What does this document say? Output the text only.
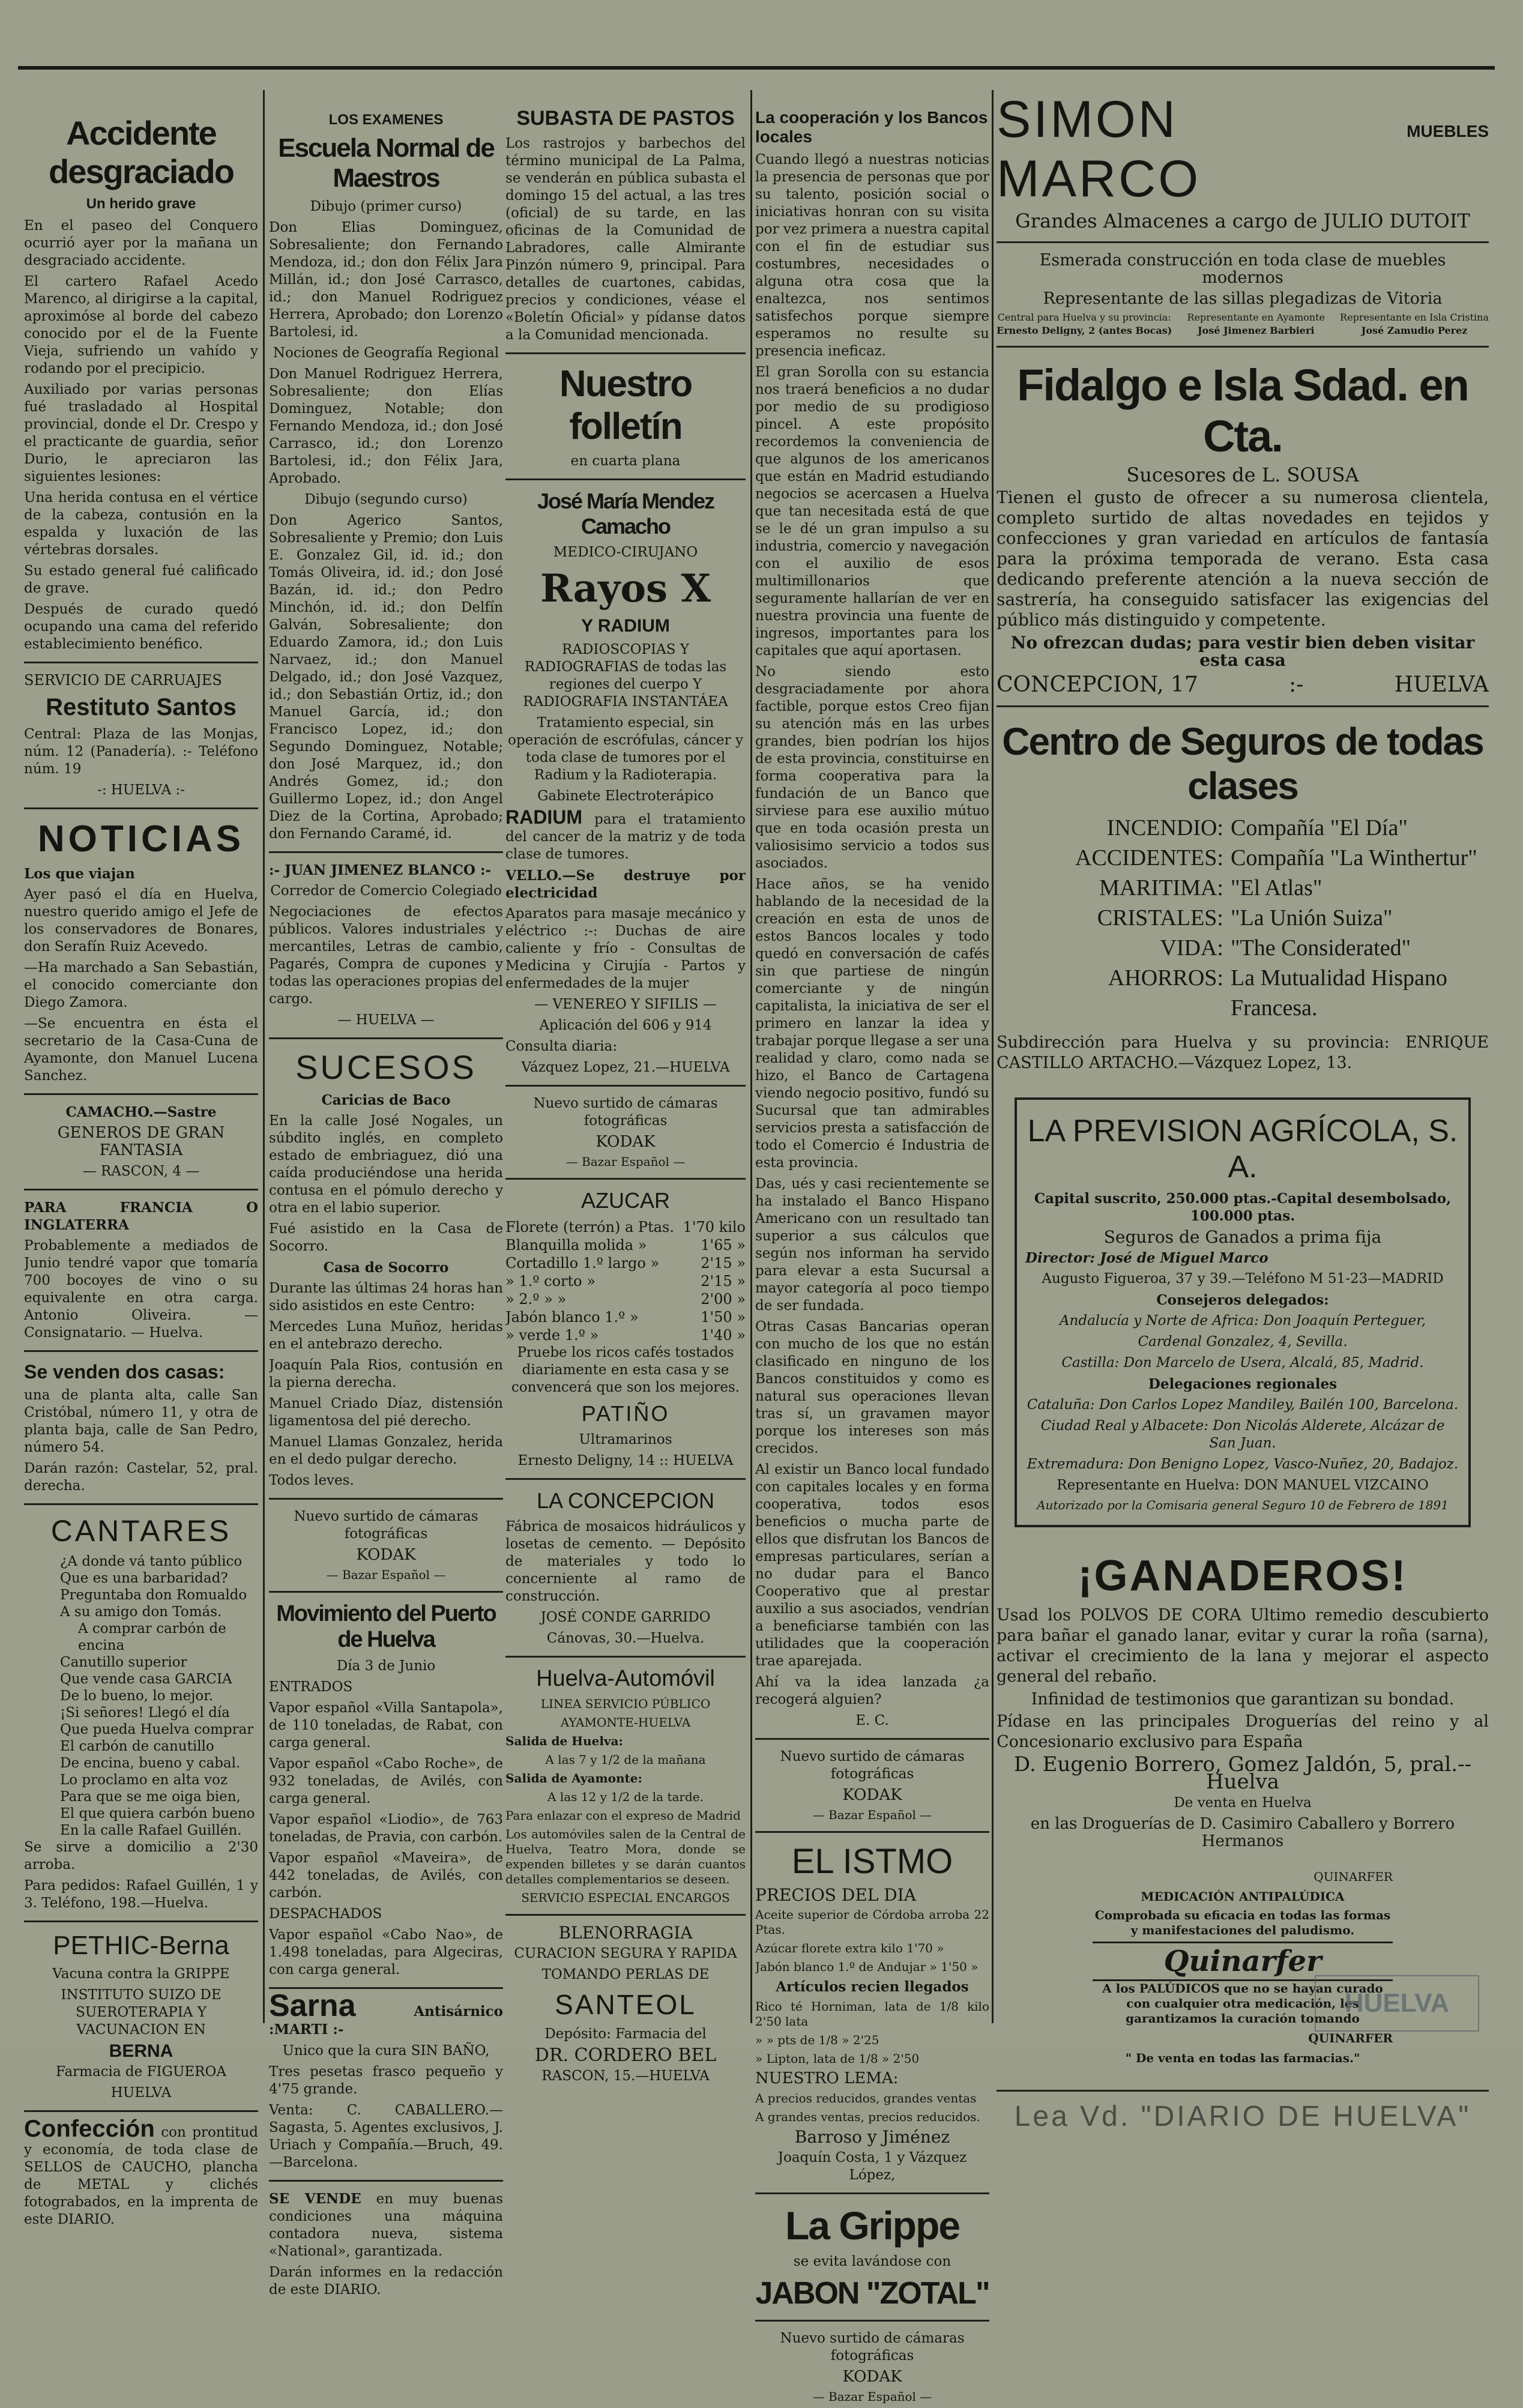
Accidente desgraciado
Un herido grave

En el paseo del Conquero ocurrió ayer por la mañana un desgraciado accidente.

El cartero Rafael Acedo Marenco, al dirigirse a la capital, aproximóse al borde del cabezo conocido por el de la Fuente Vieja, sufriendo un vahído y rodando por el precipicio.

Auxiliado por varias personas fué trasladado al Hospital provincial, donde el Dr. Crespo y el practicante de guardia, señor Durio, le apreciaron las siguientes lesiones:

Una herida contusa en el vértice de la cabeza, contusión en la espalda y luxación de las vértebras dorsales.

Su estado general fué calificado de grave.

Después de curado quedó ocupando una cama del referido establecimiento benéfico.

SERVICIO DE CARRUAJES

Restituto Santos

Central: Plaza de las Monjas, núm. 12 (Panadería). :- Teléfono núm. 19

-: HUELVA :-

NOTICIAS

Los que viajan

Ayer pasó el día en Huelva, nuestro querido amigo el Jefe de los conservadores de Bonares, don Serafín Ruiz Acevedo.

—Ha marchado a San Sebastián, el conocido comerciante don Diego Zamora.

—Se encuentra en ésta el secretario de la Casa-Cuna de Ayamonte, don Manuel Lucena Sanchez.

CAMACHO.—Sastre

GENEROS DE GRAN FANTASIA

— RASCON, 4 —

PARA FRANCIA O INGLATERRA

Probablemente a mediados de Junio tendré vapor que tomaría 700 bocoyes de vino o su equivalente en otra carga. Antonio Oliveira. — Consignatario. — Huelva.

Se venden dos casas:

una de planta alta, calle San Cristóbal, número 11, y otra de planta baja, calle de San Pedro, número 54.

Darán razón: Castelar, 52, pral. derecha.

CANTARES
¿A donde vá tanto público
Que es una barbaridad?
Preguntaba don Romualdo
A su amigo don Tomás.
A comprar carbón de encina
Canutillo superior
Que vende casa GARCIA
De lo bueno, lo mejor.
¡Si señores! Llegó el día
Que pueda Huelva comprar
El carbón de canutillo
De encina, bueno y cabal.
Lo proclamo en alta voz
Para que se me oiga bien,
El que quiera carbón bueno
En la calle Rafael Guillén.

Se sirve a domicilio a 2'30 arroba.

Para pedidos: Rafael Guillén, 1 y 3. Teléfono, 198.—Huelva.

PETHIC-Berna

Vacuna contra la GRIPPE

INSTITUTO SUIZO DE SUEROTERAPIA Y VACUNACION EN

BERNA

Farmacia de FIGUEROA

HUELVA

Confección con prontitud y economía, de toda clase de SELLOS de CAUCHO, plancha de METAL y clichés fotograbados, en la imprenta de este DIARIO.

LOS EXAMENES
Escuela Normal de Maestros

Dibujo (primer curso)

Don Elias Dominguez, Sobresaliente; don Fernando Mendoza, id.; don don Félix Jara Millán, id.; don José Carrasco, id.; don Manuel Rodriguez Herrera, Aprobado; don Lorenzo Bartolesi, id.

Nociones de Geografía Regional

Don Manuel Rodriguez Herrera, Sobresaliente; don Elías Dominguez, Notable; don Fernando Mendoza, id.; don José Carrasco, id.; don Lorenzo Bartolesi, id.; don Félix Jara, Aprobado.

Dibujo (segundo curso)

Don Agerico Santos, Sobresaliente y Premio; don Luis E. Gonzalez Gil, id. id.; don Tomás Oliveira, id. id.; don José Bazán, id. id.; don Pedro Minchón, id. id.; don Delfín Galván, Sobresaliente; don Eduardo Zamora, id.; don Luis Narvaez, id.; don Manuel Delgado, id.; don José Vazquez, id.; don Sebastián Ortiz, id.; don Manuel García, id.; don Francisco Lopez, id.; don Segundo Dominguez, Notable; don José Marquez, id.; don Andrés Gomez, id.; don Guillermo Lopez, id.; don Angel Diez de la Cortina, Aprobado; don Fernando Caramé, id.

:- JUAN JIMENEZ BLANCO :-

Corredor de Comercio Colegiado

Negociaciones de efectos públicos. Valores industriales y mercantiles, Letras de cambio, Pagarés, Compra de cupones y todas las operaciones propias del cargo.

— HUELVA —

SUCESOS

Caricias de Baco

En la calle José Nogales, un súbdito inglés, en completo estado de embriaguez, dió una caída produciéndose una herida contusa en el pómulo derecho y otra en el labio superior.

Fué asistido en la Casa de Socorro.

Casa de Socorro

Durante las últimas 24 horas han sido asistidos en este Centro:

Mercedes Luna Muñoz, heridas en el antebrazo derecho.

Joaquín Pala Rios, contusión en la pierna derecha.

Manuel Criado Díaz, distensión ligamentosa del pié derecho.

Manuel Llamas Gonzalez, herida en el dedo pulgar derecho.

Todos leves.

Nuevo surtido de cámaras fotográficas

KODAK

— Bazar Español —

Movimiento del Puerto de Huelva

Día 3 de Junio

ENTRADOS

Vapor español «Villa Santapola», de 110 toneladas, de Rabat, con carga general.

Vapor español «Cabo Roche», de 932 toneladas, de Avilés, con carga general.

Vapor español «Liodio», de 763 toneladas, de Pravia, con carbón.

Vapor español «Maveira», de 442 toneladas, de Avilés, con carbón.

DESPACHADOS

Vapor español «Cabo Nao», de 1.498 toneladas, para Algeciras, con carga general.

Sarna	Antisárnico :MARTI :-

Unico que la cura SIN BAÑO,

Tres pesetas frasco pequeño y 4'75 grande.

Venta: C. CABALLERO.—Sagasta, 5. Agentes exclusivos, J. Uriach y Compañía.—Bruch, 49.—Barcelona.

SE VENDE en muy buenas condiciones una máquina contadora nueva, sistema «National», garantizada.

Darán informes en la redacción de este DIARIO.

SUBASTA DE PASTOS

Los rastrojos y barbechos del término municipal de La Palma, se venderán en pública subasta el domingo 15 del actual, a las tres (oficial) de su tarde, en las oficinas de la Comunidad de Labradores, calle Almirante Pinzón número 9, principal. Para detalles de cuartones, cabidas, precios y condiciones, véase el «Boletín Oficial» y pídanse datos a la Comunidad mencionada.

Nuestro folletín

en cuarta plana

José María Mendez Camacho

MEDICO-CIRUJANO

Rayos X
Y RADIUM

RADIOSCOPIAS Y RADIOGRAFIAS de todas las regiones del cuerpo Y RADIOGRAFIA INSTANTÁEA

Tratamiento especial, sin operación de escrófulas, cáncer y toda clase de tumores por el Radium y la Radioterapia.

Gabinete Electroterápico

RADIUM para el tratamiento del cancer de la matriz y de toda clase de tumores.

VELLO.—Se destruye por electricidad

Aparatos para masaje mecánico y eléctrico :-: Duchas de aire caliente y frío - Consultas de Medicina y Cirujía - Partos y enfermedades de la mujer

— VENEREO Y SIFILIS —

Aplicación del 606 y 914

Consulta diaria:

Vázquez Lopez, 21.—HUELVA

Nuevo surtido de cámaras fotográficas

KODAK

— Bazar Español —

AZUCAR
Florete (terrón) a Ptas. 1'70 kilo
Blanquilla molida »	1'65 »
Cortadillo 1.º largo »	2'15 »
» 1.º corto »	2'15 »
» 2.º » »	2'00 »
Jabón blanco 1.º »	1'50 »
» verde 1.º »	1'40 »

Pruebe los ricos cafés tostados diariamente en esta casa y se convencerá que son los mejores.

PATIÑO

Ultramarinos

Ernesto Deligny, 14 :: HUELVA

LA CONCEPCION

Fábrica de mosaicos hidráulicos y losetas de cemento. — Depósito de materiales y todo lo concerniente al ramo de construcción.

JOSÉ CONDE GARRIDO

Cánovas, 30.—Huelva.

Huelva-Automóvil

LINEA SERVICIO PÚBLICO

AYAMONTE-HUELVA

Salida de Huelva:

A las 7 y 1/2 de la mañana

Salida de Ayamonte:

A las 12 y 1/2 de la tarde.

Para enlazar con el expreso de Madrid

Los automóviles salen de la Central de Huelva, Teatro Mora, donde se expenden billetes y se darán cuantos detalles complementarios se deseen.

SERVICIO ESPECIAL ENCARGOS

BLENORRAGIA

CURACION SEGURA Y RAPIDA

TOMANDO PERLAS DE

SANTEOL

Depósito: Farmacia del

DR. CORDERO BEL

RASCON, 15.—HUELVA

La cooperación y los Bancos locales

Cuando llegó a nuestras noticias la presencia de personas que por su talento, posición social o iniciativas honran con su visita por vez primera a nuestra capital con el fin de estudiar sus costumbres, necesidades o alguna otra cosa que la enaltezca, nos sentimos satisfechos porque siempre esperamos no resulte su presencia ineficaz.

El gran Sorolla con su estancia nos traerá beneficios a no dudar por medio de su prodigioso pincel. A este propósito recordemos la conveniencia de que algunos de los americanos que están en Madrid estudiando negocios se acercasen a Huelva que tan necesitada está de que se le dé un gran impulso a su industria, comercio y navegación con el auxilio de esos multimillonarios que seguramente hallarían de ver en nuestra provincia una fuente de ingresos, importantes para los capitales que aquí aportasen.

No siendo esto desgraciadamente por ahora factible, porque estos Creo fijan su atención más en las urbes grandes, bien podrían los hijos de esta provincia, constituirse en forma cooperativa para la fundación de un Banco que sirviese para ese auxilio mútuo que en toda ocasión presta un valiosisimo servicio a todos sus asociados.

Hace años, se ha venido hablando de la necesidad de la creación en esta de unos de estos Bancos locales y todo quedó en conversación de cafés sin que partiese de ningún comerciante y de ningún capitalista, la iniciativa de ser el primero en lanzar la idea y trabajar porque llegase a ser una realidad y claro, como nada se hizo, el Banco de Cartagena viendo negocio positivo, fundó su Sucursal que tan admirables servicios presta a satisfacción de todo el Comercio é Industria de esta provincia.

Das, ués y casi recientemente se ha instalado el Banco Hispano Americano con un resultado tan superior a sus cálculos que según nos informan ha servido para elevar a esta Sucursal a mayor categoría al poco tiempo de ser fundada.

Otras Casas Bancarias operan con mucho de los que no están clasificado en ninguno de los Bancos constituidos y como es natural sus operaciones llevan tras sí, un gravamen mayor porque los intereses son más crecidos.

Al existir un Banco local fundado con capitales locales y en forma cooperativa, todos esos beneficios o mucha parte de ellos que disfrutan los Bancos de empresas particulares, serían a no dudar para el Banco Cooperativo que al prestar auxilio a sus asociados, vendrían a beneficiarse también con las utilidades que la cooperación trae aparejada.

Ahí va la idea lanzada ¿a recogerá alguien?

E. C.

Nuevo surtido de cámaras fotográficas

KODAK

— Bazar Español —

EL ISTMO

PRECIOS DEL DIA

Aceite superior de Córdoba arroba 22 Ptas.

Azúcar florete extra kilo 1'70 »

Jabón blanco 1.º de Andujar » 1'50 »

Artículos recien llegados

Rico té Horniman, lata de 1/8 kilo 2'50 lata

» » pts de 1/8 » 2'25

» Lipton, lata de 1/8 » 2'50

NUESTRO LEMA:

A precios reducidos, grandes ventas

A grandes ventas, precios reducidos.

Barroso y Jiménez

Joaquín Costa, 1 y Vázquez López,

La Grippe

se evita lavándose con

JABON "ZOTAL"

Nuevo surtido de cámaras fotográficas

KODAK

— Bazar Español —

SIMON MARCO
MUEBLES

Grandes Almacenes a cargo de JULIO DUTOIT

Esmerada construcción en toda clase de muebles modernos

Representante de las sillas plegadizas de Vitoria

Central para Huelva y su provincia:
Ernesto Deligny, 2 (antes Bocas)
Representante en Ayamonte
José Jimenez Barbieri
Representante en Isla Cristina
José Zamudio Perez
Fidalgo e Isla Sdad. en Cta.

Sucesores de L. SOUSA

Tienen el gusto de ofrecer a su numerosa clientela, completo surtido de altas novedades en tejidos y confecciones y gran variedad en artículos de fantasía para la próxima temporada de verano. Esta casa dedicando preferente atención a la nueva sección de sastrería, ha conseguido satisfacer las exigencias del público más distinguido y competente.

No ofrezcan dudas; para vestir bien deben visitar esta casa

CONCEPCION, 17	:-	HUELVA
Centro de Seguros de todas clases
INCENDIO: Compañía "El Día"
ACCIDENTES: Compañía "La Winthertur"
MARITIMA: "El Atlas"
CRISTALES: "La Unión Suiza"
VIDA: "The Considerated"
AHORROS: La Mutualidad Hispano Francesa.

Subdirección para Huelva y su provincia: ENRIQUE CASTILLO ARTACHO.—Vázquez Lopez, 13.

LA PREVISION AGRÍCOLA, S. A.

Capital suscrito, 250.000 ptas.-Capital desembolsado, 100.000 ptas.

Seguros de Ganados a prima fija

Director: José de Miguel Marco

Augusto Figueroa, 37 y 39.—Teléfono M 51-23—MADRID

Consejeros delegados:

Andalucía y Norte de Africa: Don Joaquín Perteguer,

Cardenal Gonzalez, 4, Sevilla.

Castilla: Don Marcelo de Usera, Alcalá, 85, Madrid.

Delegaciones regionales

Cataluña: Don Carlos Lopez Mandiley, Bailén 100, Barcelona.

Ciudad Real y Albacete: Don Nicolás Alderete, Alcázar de San Juan.

Extremadura: Don Benigno Lopez, Vasco-Nuñez, 20, Badajoz.

Representante en Huelva: DON MANUEL VIZCAINO

Autorizado por la Comisaria general Seguro 10 de Febrero de 1891

¡GANADEROS!

Usad los POLVOS DE CORA Ultimo remedio descubierto para bañar el ganado lanar, evitar y curar la roña (sarna), activar el crecimiento de la lana y mejorar el aspecto general del rebaño.

Infinidad de testimonios que garantizan su bondad.

Pídase en las principales Droguerías del reino y al Concesionario exclusivo para España

D. Eugenio Borrero, Gomez Jaldón, 5, pral.--Huelva

De venta en Huelva

en las Droguerías de D. Casimiro Caballero y Borrero Hermanos

QUINARFER

MEDICACIÓN ANTIPALÚDICA

Comprobada su eficacia en todas las formas y manifestaciones del paludismo.

Quinarfer

A los PALÚDICOS que no se hayan curado con cualquier otra medicación, les garantizamos la curación tomando

QUINARFER

" De venta en todas las farmacias."

Lea Vd. "DIARIO DE HUELVA"
HUELVA
